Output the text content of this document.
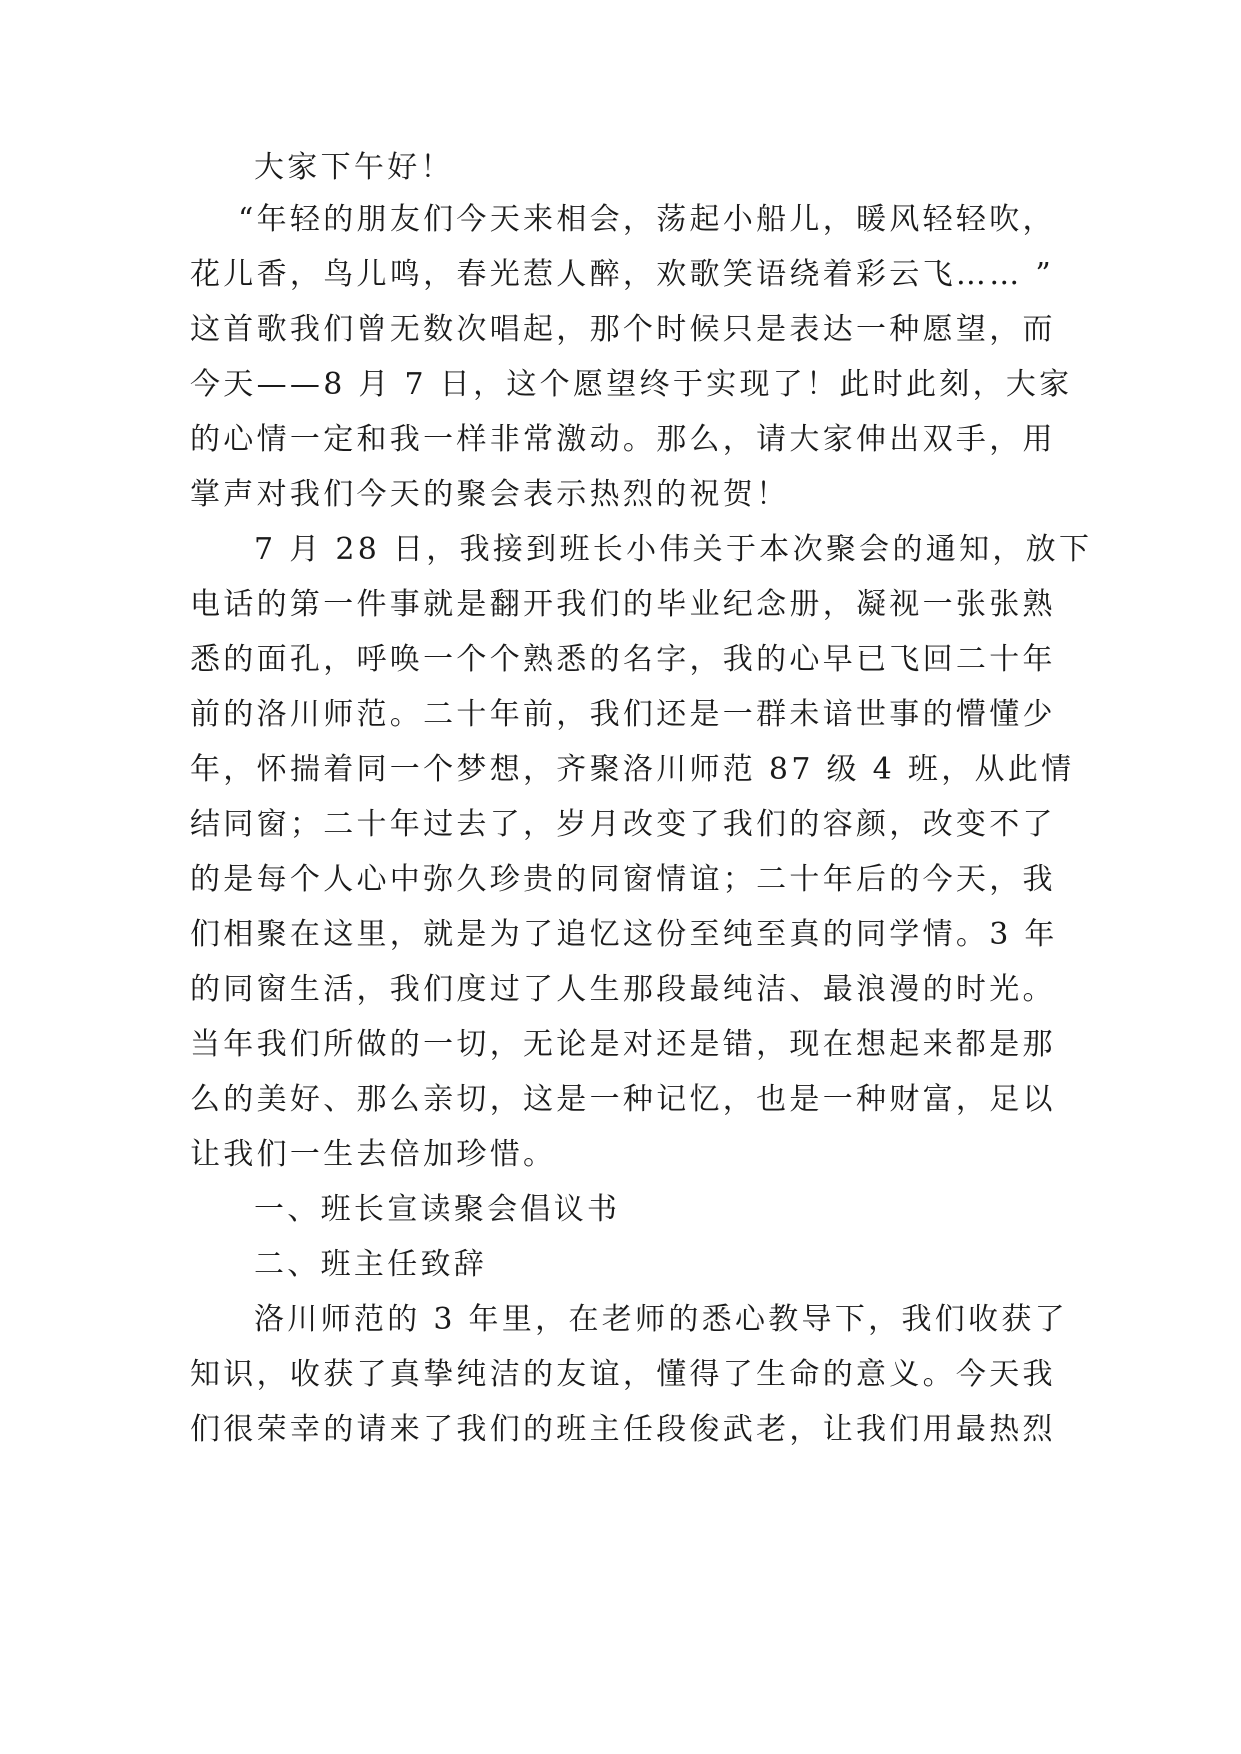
大家下午好！
“年轻的朋友们今天来相会，荡起小船儿，暖风轻轻吹，
花儿香，鸟儿鸣，春光惹人醉，欢歌笑语绕着彩云飞…… ”
这首歌我们曾无数次唱起，那个时候只是表达一种愿望，而
今天——8 月 7 日，这个愿望终于实现了！此时此刻，大家
的心情一定和我一样非常激动。那么，请大家伸出双手，用
掌声对我们今天的聚会表示热烈的祝贺！
7 月 28 日，我接到班长小伟关于本次聚会的通知，放下
电话的第一件事就是翻开我们的毕业纪念册，凝视一张张熟
悉的面孔，呼唤一个个熟悉的名字，我的心早已飞回二十年
前的洛川师范。二十年前，我们还是一群未谙世事的懵懂少
年，怀揣着同一个梦想，齐聚洛川师范 87 级 4 班，从此情
结同窗；二十年过去了，岁月改变了我们的容颜，改变不了
的是每个人心中弥久珍贵的同窗情谊；二十年后的今天，我
们相聚在这里，就是为了追忆这份至纯至真的同学情。3 年
的同窗生活，我们度过了人生那段最纯洁、最浪漫的时光。
当年我们所做的一切，无论是对还是错，现在想起来都是那
么的美好、那么亲切，这是一种记忆，也是一种财富，足以
让我们一生去倍加珍惜。
一、班长宣读聚会倡议书
二、班主任致辞
洛川师范的 3 年里，在老师的悉心教导下，我们收获了
知识，收获了真挚纯洁的友谊，懂得了生命的意义。今天我
们很荣幸的请来了我们的班主任段俊武老，让我们用最热烈
